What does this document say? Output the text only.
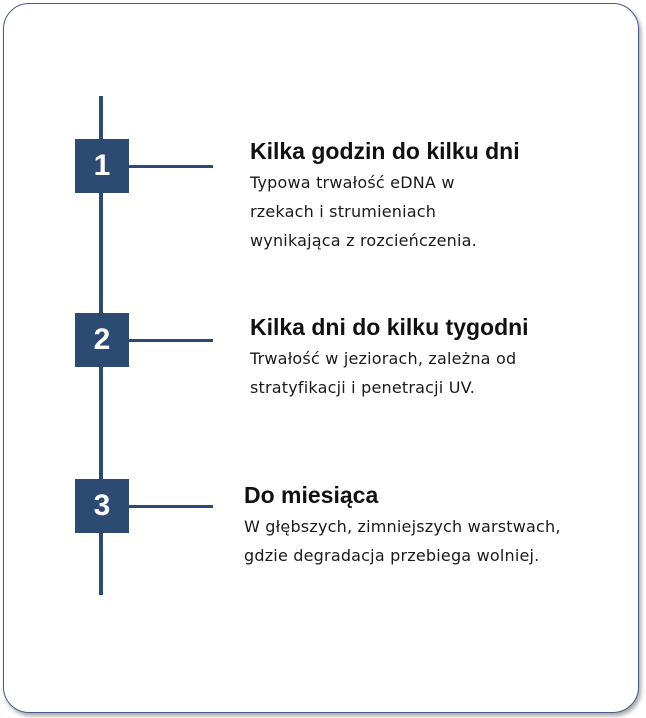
1	Kilka godzin do kilku dni
Typowa trwałość eDNA w
rzekach i strumieniach
wynikająca z rozcieńczenia.
2	Kilka dni do kilku tygodni
Trwałość w jeziorach, zależna od
stratyfikacji i penetracji UV.
3	Do miesiąca
W głębszych, zimniejszych warstwach,
gdzie degradacja przebiega wolniej.
